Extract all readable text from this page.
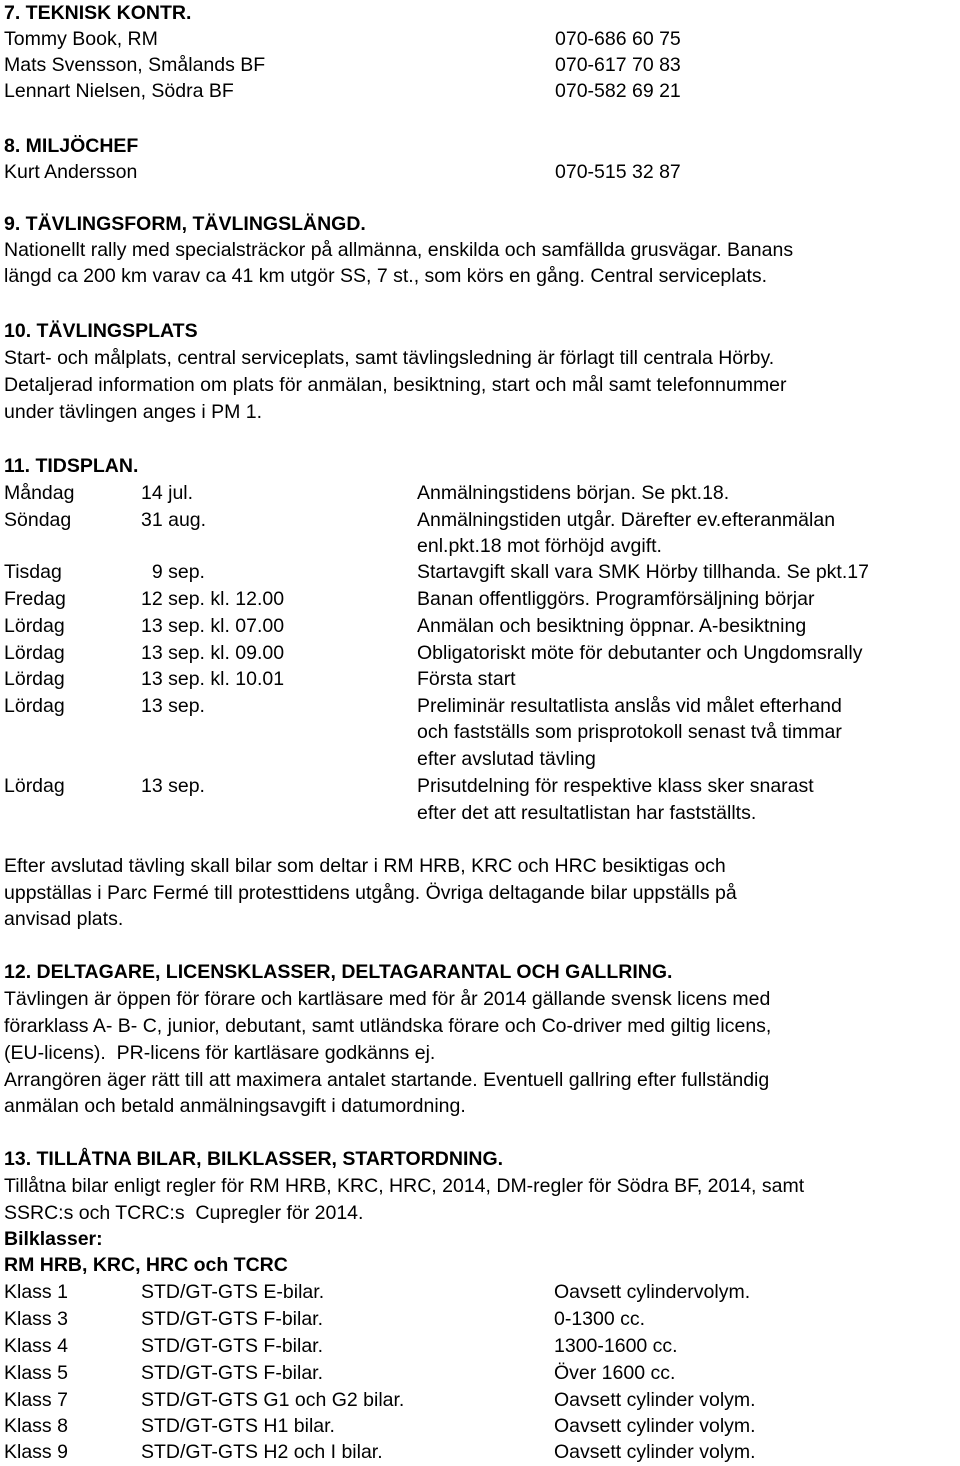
7. TEKNISK KONTR.
Tommy Book, RM	070-686 60 75
Mats Svensson, Smålands BF	070-617 70 83
Lennart Nielsen, Södra BF	070-582 69 21
8. MILJÖCHEF
Kurt Andersson	070-515 32 87
9. TÄVLINGSFORM, TÄVLINGSLÄNGD.
Nationellt rally med specialsträckor på allmänna, enskilda och samfällda grusvägar. Banans
längd ca 200 km varav ca 41 km utgör SS, 7 st., som körs en gång. Central serviceplats.
10. TÄVLINGSPLATS
Start- och målplats, central serviceplats, samt tävlingsledning är förlagt till centrala Hörby.
Detaljerad information om plats för anmälan, besiktning, start och mål samt telefonnummer
under tävlingen anges i PM 1.
11. TIDSPLAN.
Måndag	14 jul.	Anmälningstidens början. Se pkt.18.
Söndag	31 aug.	Anmälningstiden utgår. Därefter ev.efteranmälan
enl.pkt.18 mot förhöjd avgift.
Tisdag	9 sep.	Startavgift skall vara SMK Hörby tillhanda. Se pkt.17
Fredag	12 sep. kl. 12.00	Banan offentliggörs. Programförsäljning börjar
Lördag	13 sep. kl. 07.00	Anmälan och besiktning öppnar. A-besiktning
Lördag	13 sep. kl. 09.00	Obligatoriskt möte för debutanter och Ungdomsrally
Lördag	13 sep. kl. 10.01	Första start
Lördag	13 sep.	Preliminär resultatlista anslås vid målet efterhand
och fastställs som prisprotokoll senast två timmar
efter avslutad tävling
Lördag	13 sep.	Prisutdelning för respektive klass sker snarast
efter det att resultatlistan har fastställts.
Efter avslutad tävling skall bilar som deltar i RM HRB, KRC och HRC besiktigas och
uppställas i Parc Fermé till protesttidens utgång. Övriga deltagande bilar uppställs på
anvisad plats.
12. DELTAGARE, LICENSKLASSER, DELTAGARANTAL OCH GALLRING.
Tävlingen är öppen för förare och kartläsare med för år 2014 gällande svensk licens med
förarklass A- B- C, junior, debutant, samt utländska förare och Co-driver med giltig licens,
(EU-licens).  PR-licens för kartläsare godkänns ej.
Arrangören äger rätt till att maximera antalet startande. Eventuell gallring efter fullständig
anmälan och betald anmälningsavgift i datumordning.
13. TILLÅTNA BILAR, BILKLASSER, STARTORDNING.
Tillåtna bilar enligt regler för RM HRB, KRC, HRC, 2014, DM-regler för Södra BF, 2014, samt
SSRC:s och TCRC:s  Cupregler för 2014.
Bilklasser:
RM HRB, KRC, HRC och TCRC
Klass 1	STD/GT-GTS E-bilar.	Oavsett cylindervolym.
Klass 3	STD/GT-GTS F-bilar.	0-1300 cc.
Klass 4	STD/GT-GTS F-bilar.	1300-1600 cc.
Klass 5	STD/GT-GTS F-bilar.	Över 1600 cc.
Klass 7	STD/GT-GTS G1 och G2 bilar.	Oavsett cylinder volym.
Klass 8	STD/GT-GTS H1 bilar.	Oavsett cylinder volym.
Klass 9	STD/GT-GTS H2 och I bilar.	Oavsett cylinder volym.
